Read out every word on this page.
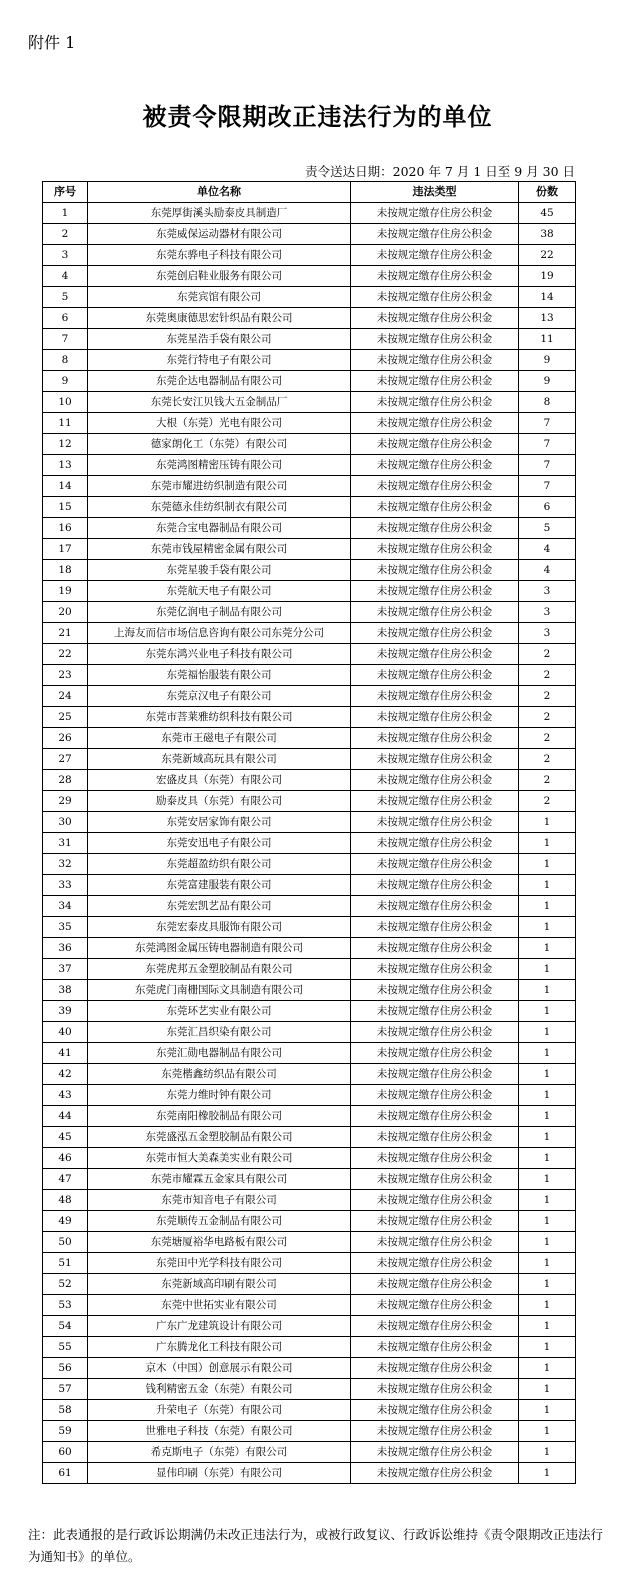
附件 1
被责令限期改正违法行为的单位
责令送达日期：2020 年 7 月 1 日至 9 月 30 日
序号	单位名称	违法类型	份数
1	东莞厚街溪头励泰皮具制造厂	未按规定缴存住房公积金	45
2	东莞威保运动器材有限公司	未按规定缴存住房公积金	38
3	东莞东骅电子科技有限公司	未按规定缴存住房公积金	22
4	东莞创启鞋业服务有限公司	未按规定缴存住房公积金	19
5	东莞宾馆有限公司	未按规定缴存住房公积金	14
6	东莞奥康德思宏针织品有限公司	未按规定缴存住房公积金	13
7	东莞星浩手袋有限公司	未按规定缴存住房公积金	11
8	东莞行特电子有限公司	未按规定缴存住房公积金	9
9	东莞企达电器制品有限公司	未按规定缴存住房公积金	9
10	东莞长安江贝钱大五金制品厂	未按规定缴存住房公积金	8
11	大根（东莞）光电有限公司	未按规定缴存住房公积金	7
12	德家朗化工（东莞）有限公司	未按规定缴存住房公积金	7
13	东莞鸿图精密压铸有限公司	未按规定缴存住房公积金	7
14	东莞市耀进纺织制造有限公司	未按规定缴存住房公积金	7
15	东莞德永佳纺织制衣有限公司	未按规定缴存住房公积金	6
16	东莞合宝电器制品有限公司	未按规定缴存住房公积金	5
17	东莞市钱屋精密金属有限公司	未按规定缴存住房公积金	4
18	东莞星骏手袋有限公司	未按规定缴存住房公积金	4
19	东莞航天电子有限公司	未按规定缴存住房公积金	3
20	东莞亿润电子制品有限公司	未按规定缴存住房公积金	3
21	上海友而信市场信息咨询有限公司东莞分公司	未按规定缴存住房公积金	3
22	东莞东鸿兴业电子科技有限公司	未按规定缴存住房公积金	2
23	东莞福怡服装有限公司	未按规定缴存住房公积金	2
24	东莞京汉电子有限公司	未按规定缴存住房公积金	2
25	东莞市菩莱雅纺织科技有限公司	未按规定缴存住房公积金	2
26	东莞市王磁电子有限公司	未按规定缴存住房公积金	2
27	东莞新域高玩具有限公司	未按规定缴存住房公积金	2
28	宏盛皮具（东莞）有限公司	未按规定缴存住房公积金	2
29	励泰皮具（东莞）有限公司	未按规定缴存住房公积金	2
30	东莞安居家饰有限公司	未按规定缴存住房公积金	1
31	东莞安迅电子有限公司	未按规定缴存住房公积金	1
32	东莞超盈纺织有限公司	未按规定缴存住房公积金	1
33	东莞富建服装有限公司	未按规定缴存住房公积金	1
34	东莞宏凯艺品有限公司	未按规定缴存住房公积金	1
35	东莞宏泰皮具服饰有限公司	未按规定缴存住房公积金	1
36	东莞鸿图金属压铸电器制造有限公司	未按规定缴存住房公积金	1
37	东莞虎邦五金塑胶制品有限公司	未按规定缴存住房公积金	1
38	东莞虎门南栅国际文具制造有限公司	未按规定缴存住房公积金	1
39	东莞环艺实业有限公司	未按规定缴存住房公积金	1
40	东莞汇昌织染有限公司	未按规定缴存住房公积金	1
41	东莞汇勋电器制品有限公司	未按规定缴存住房公积金	1
42	东莞楷鑫纺织品有限公司	未按规定缴存住房公积金	1
43	东莞力维时钟有限公司	未按规定缴存住房公积金	1
44	东莞南阳橡胶制品有限公司	未按规定缴存住房公积金	1
45	东莞盛泓五金塑胶制品有限公司	未按规定缴存住房公积金	1
46	东莞市恒大美森美实业有限公司	未按规定缴存住房公积金	1
47	东莞市耀霖五金家具有限公司	未按规定缴存住房公积金	1
48	东莞市知音电子有限公司	未按规定缴存住房公积金	1
49	东莞顺传五金制品有限公司	未按规定缴存住房公积金	1
50	东莞塘厦裕华电路板有限公司	未按规定缴存住房公积金	1
51	东莞田中光学科技有限公司	未按规定缴存住房公积金	1
52	东莞新域高印刷有限公司	未按规定缴存住房公积金	1
53	东莞中世拓实业有限公司	未按规定缴存住房公积金	1
54	广东广龙建筑设计有限公司	未按规定缴存住房公积金	1
55	广东腾龙化工科技有限公司	未按规定缴存住房公积金	1
56	京木（中国）创意展示有限公司	未按规定缴存住房公积金	1
57	钱利精密五金（东莞）有限公司	未按规定缴存住房公积金	1
58	升荣电子（东莞）有限公司	未按规定缴存住房公积金	1
59	世雅电子科技（东莞）有限公司	未按规定缴存住房公积金	1
60	希克斯电子（东莞）有限公司	未按规定缴存住房公积金	1
61	显伟印刷（东莞）有限公司	未按规定缴存住房公积金	1
注：此表通报的是行政诉讼期满仍未改正违法行为，或被行政复议、行政诉讼维持《责令限期改正违法行为通知书》的单位。
